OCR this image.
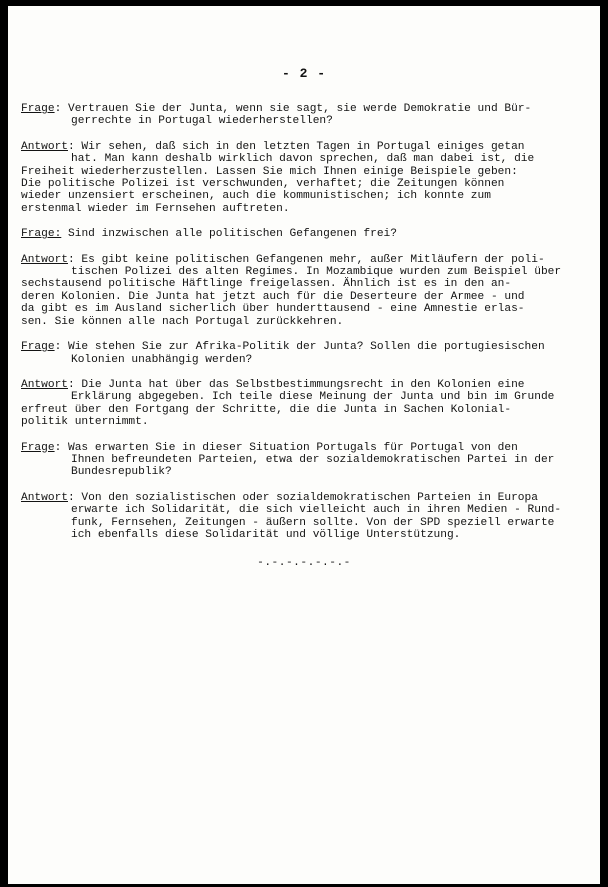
- 2 -
Frage: Vertrauen Sie der Junta, wenn sie sagt, sie werde Demokratie und Bür-
gerrechte in Portugal wiederherstellen?
Antwort: Wir sehen, daß sich in den letzten Tagen in Portugal einiges getan
hat. Man kann deshalb wirklich davon sprechen, daß man dabei ist, die
Freiheit wiederherzustellen. Lassen Sie mich Ihnen einige Beispiele geben:
Die politische Polizei ist verschwunden, verhaftet; die Zeitungen können
wieder unzensiert erscheinen, auch die kommunistischen; ich konnte zum
erstenmal wieder im Fernsehen auftreten.
Frage: Sind inzwischen alle politischen Gefangenen frei?
Antwort: Es gibt keine politischen Gefangenen mehr, außer Mitläufern der poli-
tischen Polizei des alten Regimes. In Mozambique wurden zum Beispiel über
sechstausend politische Häftlinge freigelassen. Ähnlich ist es in den an-
deren Kolonien. Die Junta hat jetzt auch für die Deserteure der Armee - und
da gibt es im Ausland sicherlich über hunderttausend - eine Amnestie erlas-
sen. Sie können alle nach Portugal zurückkehren.
Frage: Wie stehen Sie zur Afrika-Politik der Junta? Sollen die portugiesischen
Kolonien unabhängig werden?
Antwort: Die Junta hat über das Selbstbestimmungsrecht in den Kolonien eine
Erklärung abgegeben. Ich teile diese Meinung der Junta und bin im Grunde
erfreut über den Fortgang der Schritte, die die Junta in Sachen Kolonial-
politik unternimmt.
Frage: Was erwarten Sie in dieser Situation Portugals für Portugal von den
Ihnen befreundeten Parteien, etwa der sozialdemokratischen Partei in der
Bundesrepublik?
Antwort: Von den sozialistischen oder sozialdemokratischen Parteien in Europa
erwarte ich Solidarität, die sich vielleicht auch in ihren Medien - Rund-
funk, Fernsehen, Zeitungen - äußern sollte. Von der SPD speziell erwarte
ich ebenfalls diese Solidarität und völlige Unterstützung.
-.-.-.-.-.-.-
